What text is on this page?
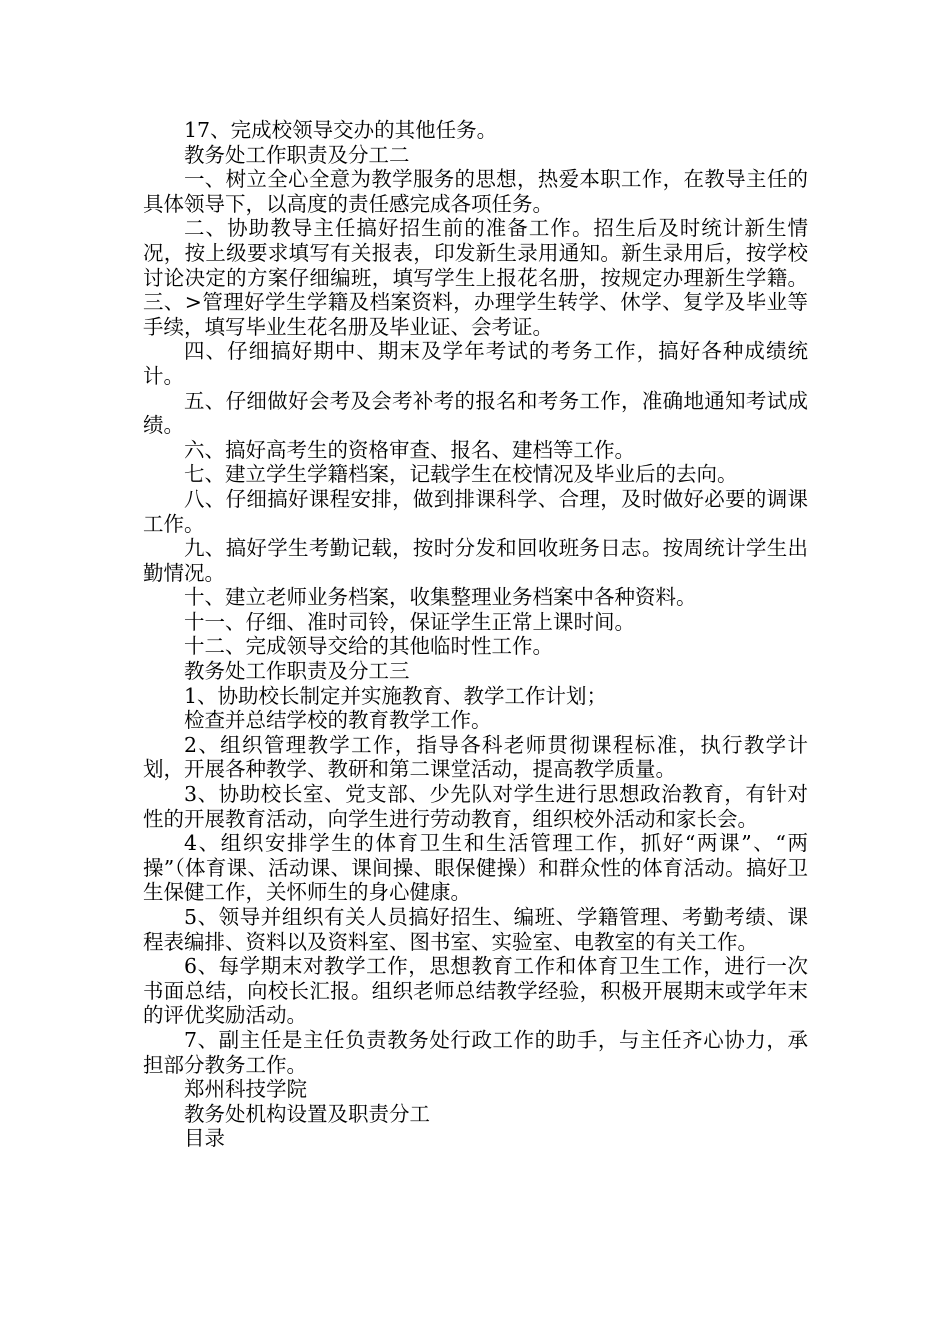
17、完成校领导交办的其他任务。

教务处工作职责及分工二

一、树立全心全意为教学服务的思想，热爱本职工作，在教导主任的具体领导下，以高度的责任感完成各项任务。

二、协助教导主任搞好招生前的准备工作。招生后及时统计新生情况，按上级要求填写有关报表，印发新生录用通知。新生录用后，按学校讨论决定的方案仔细编班，填写学生上报花名册，按规定办理新生学籍。三、>管理好学生学籍及档案资料，办理学生转学、休学、复学及毕业等手续，填写毕业生花名册及毕业证、会考证。

四、仔细搞好期中、期末及学年考试的考务工作，搞好各种成绩统计。

五、仔细做好会考及会考补考的报名和考务工作，准确地通知考试成绩。

六、搞好高考生的资格审查、报名、建档等工作。

七、建立学生学籍档案，记载学生在校情况及毕业后的去向。

八、仔细搞好课程安排，做到排课科学、合理，及时做好必要的调课工作。

九、搞好学生考勤记载，按时分发和回收班务日志。按周统计学生出勤情况。

十、建立老师业务档案，收集整理业务档案中各种资料。

十一、仔细、准时司铃，保证学生正常上课时间。

十二、完成领导交给的其他临时性工作。

教务处工作职责及分工三

1、协助校长制定并实施教育、教学工作计划；

检查并总结学校的教育教学工作。

2、组织管理教学工作，指导各科老师贯彻课程标准，执行教学计划，开展各种教学、教研和第二课堂活动，提高教学质量。

3、协助校长室、党支部、少先队对学生进行思想政治教育，有针对性的开展教育活动，向学生进行劳动教育，组织校外活动和家长会。

4、组织安排学生的体育卫生和生活管理工作，抓好“两课”、“两操”（体育课、活动课、课间操、眼保健操）和群众性的体育活动。搞好卫生保健工作，关怀师生的身心健康。

5、领导并组织有关人员搞好招生、编班、学籍管理、考勤考绩、课程表编排、资料以及资料室、图书室、实验室、电教室的有关工作。

6、每学期末对教学工作，思想教育工作和体育卫生工作，进行一次书面总结，向校长汇报。组织老师总结教学经验，积极开展期末或学年末的评优奖励活动。

7、副主任是主任负责教务处行政工作的助手，与主任齐心协力，承担部分教务工作。

郑州科技学院

教务处机构设置及职责分工

目录
